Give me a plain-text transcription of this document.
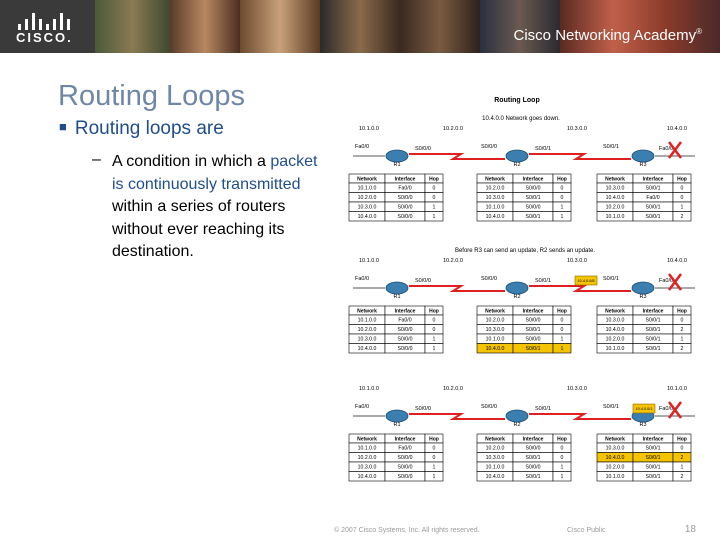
CISCO.	Cisco Networking Academy®
Routing Loops
■ Routing loops are
– A condition in which a packet is continuously transmitted within a series of routers without ever reaching its destination.
Routing Loop
10.4.0.0 Network goes down.
Before R3 can send an update, R2 sends an update.
10.1.0.0	10.2.0.0	10.3.0.0	10.4.0.0
Fa0/0	S0/0/0	S0/0/0	S0/0/1	S0/0/1	Fa0/0
R1	R2	R3
Network	Interface	Hop
10.1.0.0	Fa0/0	0
10.2.0.0	S0/0/0	0
10.3.0.0	S0/0/0	1
10.4.0.0	S0/0/0	1
Network	Interface	Hop
10.2.0.0	S0/0/0	0
10.3.0.0	S0/0/1	0
10.1.0.0	S0/0/0	1
10.4.0.0	S0/0/1	1
Network	Interface	Hop
10.3.0.0	S0/0/1	0
10.4.0.0	Fa0/0	0
10.2.0.0	S0/0/1	1
10.1.0.0	S0/0/1	2
10.1.0.0	10.2.0.0	10.3.0.0	10.4.0.0
Fa0/0	S0/0/0	S0/0/0	S0/0/1	S0/0/1	Fa0/0
R1	R2	R3
10.4.0.0/8
Network	Interface	Hop
10.1.0.0	Fa0/0	0
10.2.0.0	S0/0/0	0
10.3.0.0	S0/0/0	1
10.4.0.0	S0/0/0	1
Network	Interface	Hop
10.2.0.0	S0/0/0	0
10.3.0.0	S0/0/1	0
10.1.0.0	S0/0/0	1
10.4.0.0	S0/0/1	1
Network	Interface	Hop
10.3.0.0	S0/0/1	0
10.4.0.0	S0/0/1	2
10.2.0.0	S0/0/1	1
10.1.0.0	S0/0/1	2
10.1.0.0	10.2.0.0	10.3.0.0	10.1.0.0
Fa0/0	S0/0/0	S0/0/0	S0/0/1	S0/0/1	Fa0/0
R1	R2	R3
10.4.0.0/1
Network	Interface	Hop
10.1.0.0	Fa0/0	0
10.2.0.0	S0/0/0	0
10.3.0.0	S0/0/0	1
10.4.0.0	S0/0/0	1
Network	Interface	Hop
10.2.0.0	S0/0/0	0
10.3.0.0	S0/0/1	0
10.1.0.0	S0/0/0	1
10.4.0.0	S0/0/1	1
Network	Interface	Hop
10.3.0.0	S0/0/1	0
10.4.0.0	S0/0/1	2
10.2.0.0	S0/0/1	1
10.1.0.0	S0/0/1	2
© 2007 Cisco Systems, Inc. All rights reserved.	Cisco Public	18
